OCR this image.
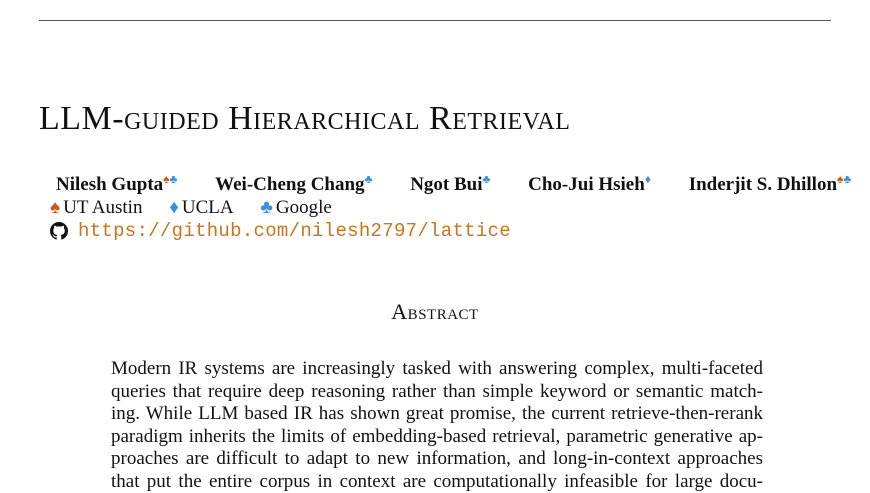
LLM-guided Hierarchical Retrieval
Nilesh Gupta♠♣ Wei-Cheng Chang♣ Ngot Bui♣ Cho-Jui Hsieh♦ Inderjit S. Dhillon♠♣
♠ UT Austin ♦ UCLA ♣ Google
https://github.com/nilesh2797/lattice
Abstract

Modern IR systems are increasingly tasked with answering complex, multi-faceted
queries that require deep reasoning rather than simple keyword or semantic match-
ing. While LLM based IR has shown great promise, the current retrieve-then-rerank
paradigm inherits the limits of embedding-based retrieval, parametric generative ap-
proaches are difficult to adapt to new information, and long-in-context approaches
that put the entire corpus in context are computationally infeasible for large docu-
